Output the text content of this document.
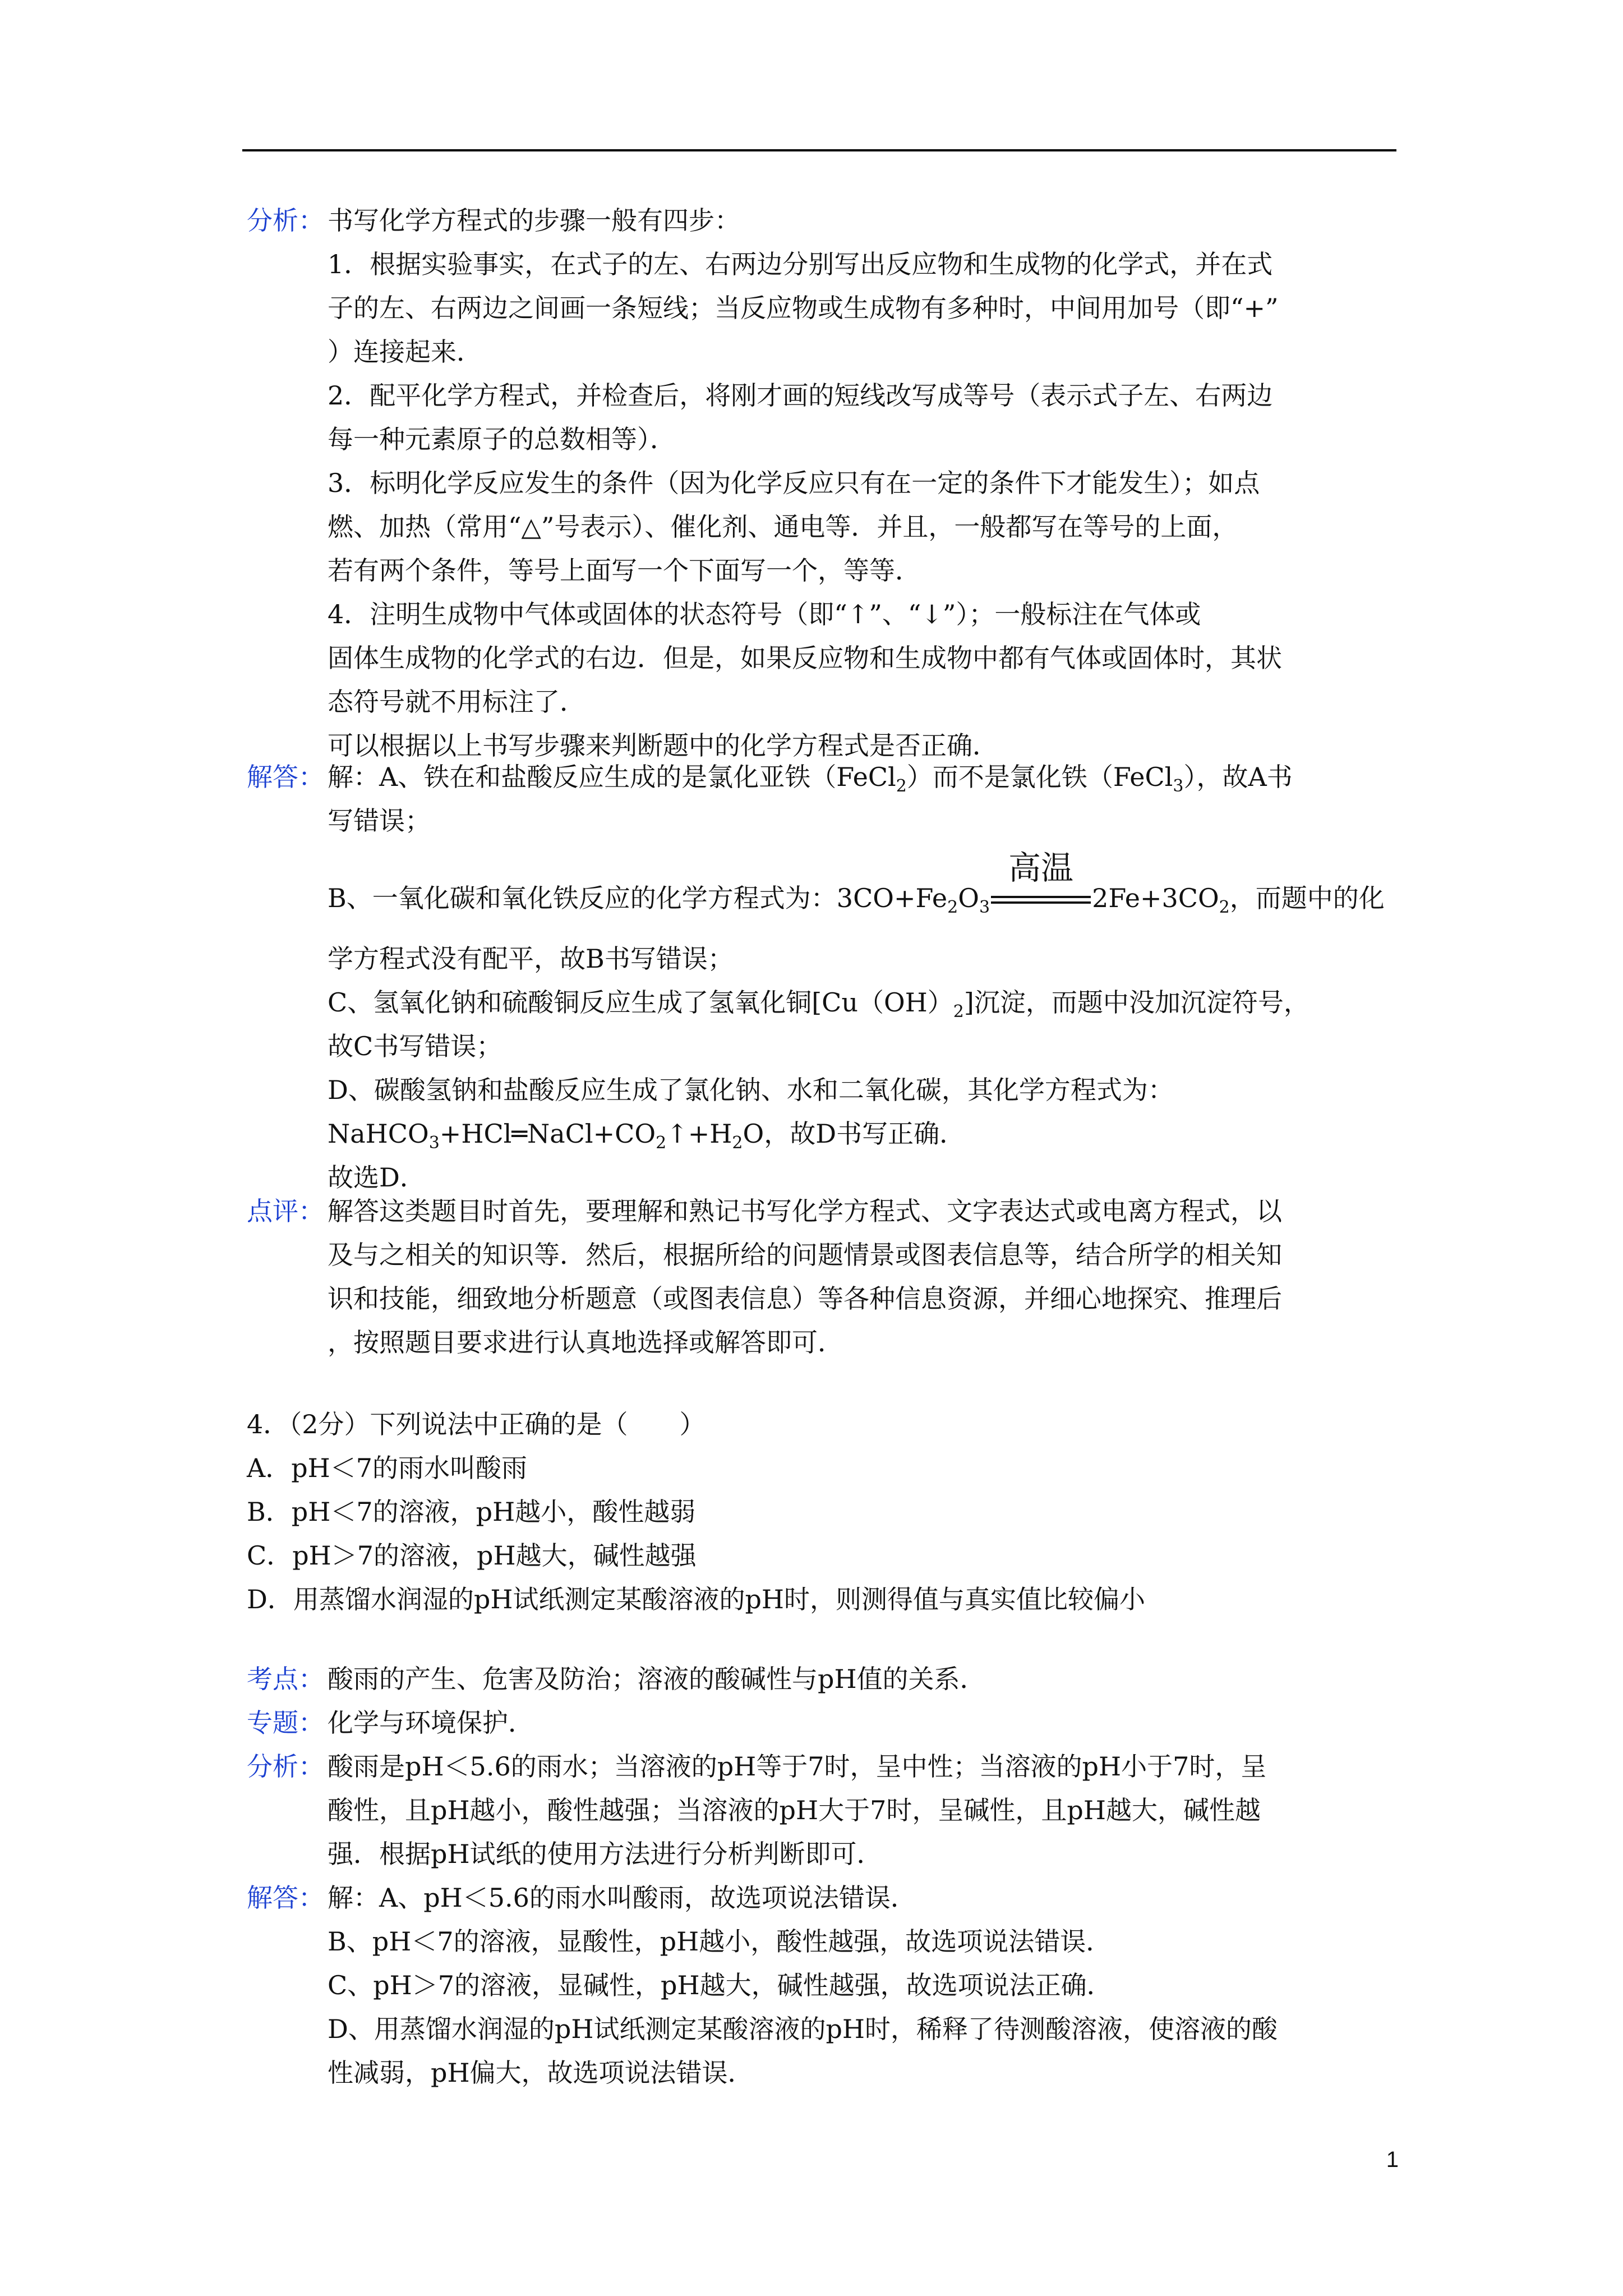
分析： 书写化学方程式的步骤一般有四步：
1．根据实验事实，在式子的左、右两边分别写出反应物和生成物的化学式，并在式
子的左、右两边之间画一条短线；当反应物或生成物有多种时，中间用加号（即“+”
）连接起来．
2．配平化学方程式，并检查后，将刚才画的短线改写成等号（表示式子左、右两边
每一种元素原子的总数相等）．
3．标明化学反应发生的条件（因为化学反应只有在一定的条件下才能发生）；如点
燃、加热（常用“△”号表示）、催化剂、通电等．并且，一般都写在等号的上面，
若有两个条件，等号上面写一个下面写一个，等等．
4．注明生成物中气体或固体的状态符号（即“↑”、“↓”）；一般标注在气体或
固体生成物的化学式的右边．但是，如果反应物和生成物中都有气体或固体时，其状
态符号就不用标注了．
可以根据以上书写步骤来判断题中的化学方程式是否正确．
解答： 解：A、铁在和盐酸反应生成的是氯化亚铁（FeCl$_2$）而不是氯化铁（FeCl$_3$），故A书
写错误；
B、一氧化碳和氧化铁反应的化学方程式为：$3CO+Fe_2O_3$
高温
$2Fe+3CO_2$，而题中的化
学方程式没有配平，故B书写错误；
C、氢氧化钠和硫酸铜反应生成了氢氧化铜$[Cu(OH)_2]$沉淀，而题中没加沉淀符号，
故C书写错误；
D、碳酸氢钠和盐酸反应生成了氯化钠、水和二氧化碳，其化学方程式为：
$NaHCO_3+HCl═NaCl+CO_2↑+H_2O$，故D书写正确．
故选D．
点评： 解答这类题目时首先，要理解和熟记书写化学方程式、文字表达式或电离方程式，以
及与之相关的知识等．然后，根据所给的问题情景或图表信息等，结合所学的相关知
识和技能，细致地分析题意（或图表信息）等各种信息资源，并细心地探究、推理后
，按照题目要求进行认真地选择或解答即可．
4．（2分）下列说法中正确的是（　　）
A．pH＜7的雨水叫酸雨
B．pH＜7的溶液，pH越小，酸性越弱
C．pH＞7的溶液，pH越大，碱性越强
D．用蒸馏水润湿的pH试纸测定某酸溶液的pH时，则测得值与真实值比较偏小
考点： 酸雨的产生、危害及防治；溶液的酸碱性与pH值的关系．
专题： 化学与环境保护．
分析： 酸雨是pH＜5.6的雨水；当溶液的pH等于7时，呈中性；当溶液的pH小于7时，呈
酸性，且pH越小，酸性越强；当溶液的pH大于7时，呈碱性，且pH越大，碱性越
强．根据pH试纸的使用方法进行分析判断即可．
解答： 解：A、pH＜5.6的雨水叫酸雨，故选项说法错误．
B、pH＜7的溶液，显酸性，pH越小，酸性越强，故选项说法错误．
C、pH＞7的溶液，显碱性，pH越大，碱性越强，故选项说法正确．
D、用蒸馏水润湿的pH试纸测定某酸溶液的pH时，稀释了待测酸溶液，使溶液的酸
性减弱，pH偏大，故选项说法错误．
1
